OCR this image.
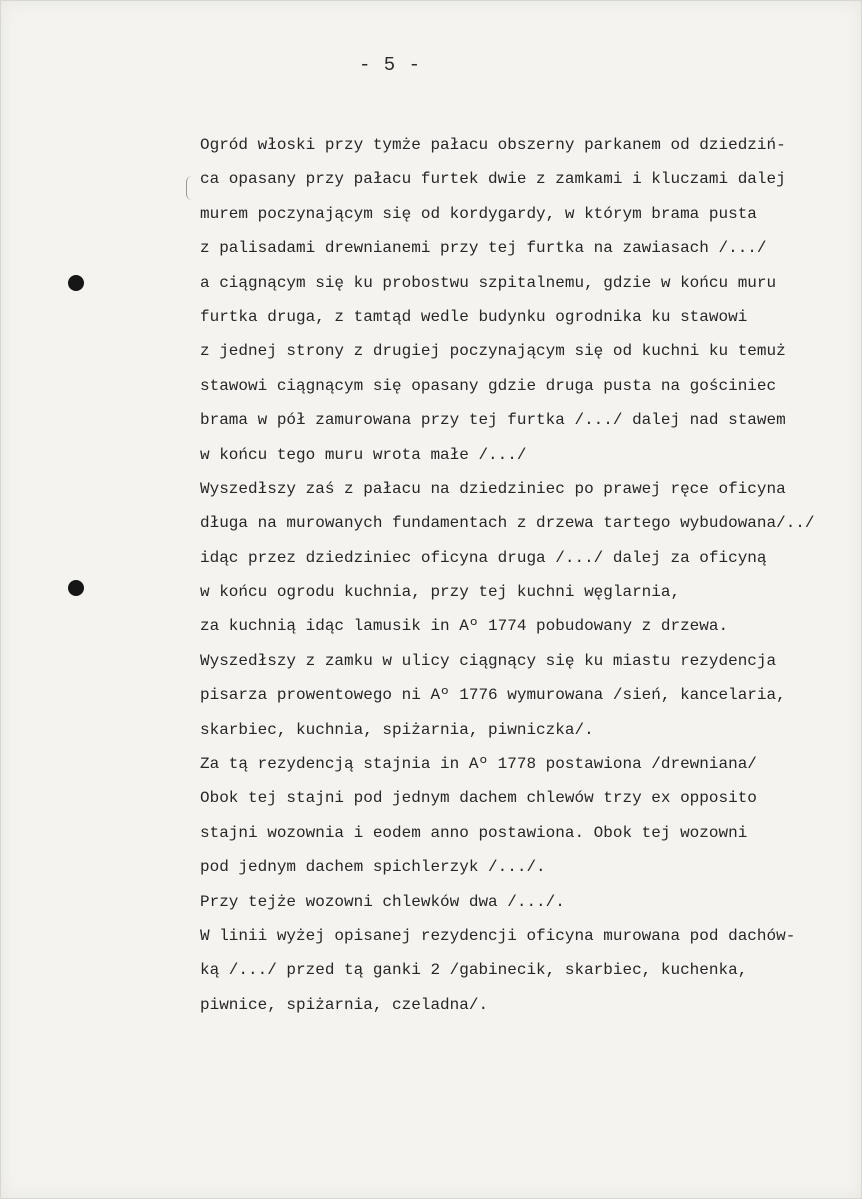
- 5 -
Ogród włoski przy tymże pałacu obszerny parkanem od dziedziń-
ca opasany przy pałacu furtek dwie z zamkami i kluczami dalej
murem poczynającym się od kordygardy, w którym brama pusta
z palisadami drewnianemi przy tej furtka na zawiasach /.../
a ciągnącym się ku probostwu szpitalnemu, gdzie w końcu muru
furtka druga, z tamtąd wedle budynku ogrodnika ku stawowi
z jednej strony z drugiej poczynającym się od kuchni ku temuż
stawowi ciągnącym się opasany gdzie druga pusta na gościniec
brama w pół zamurowana przy tej furtka /.../ dalej nad stawem
w końcu tego muru wrota małe /.../
Wyszedłszy zaś z pałacu na dziedziniec po prawej ręce oficyna
długa na murowanych fundamentach z drzewa tartego wybudowana/../
idąc przez dziedziniec oficyna druga /.../ dalej za oficyną
w końcu ogrodu kuchnia, przy tej kuchni węglarnia,
za kuchnią idąc lamusik in Aº 1774 pobudowany z drzewa.
Wyszedłszy z zamku w ulicy ciągnący się ku miastu rezydencja
pisarza prowentowego ni Aº 1776 wymurowana /sień, kancelaria,
skarbiec, kuchnia, spiżarnia, piwniczka/.
Za tą rezydencją stajnia in Aº 1778 postawiona /drewniana/
Obok tej stajni pod jednym dachem chlewów trzy ex opposito
stajni wozownia i eodem anno postawiona. Obok tej wozowni
pod jednym dachem spichlerzyk /.../.
Przy tejże wozowni chlewków dwa /.../.
W linii wyżej opisanej rezydencji oficyna murowana pod dachów-
ką /.../ przed tą ganki 2 /gabinecik, skarbiec, kuchenka,
piwnice, spiżarnia, czeladna/.
